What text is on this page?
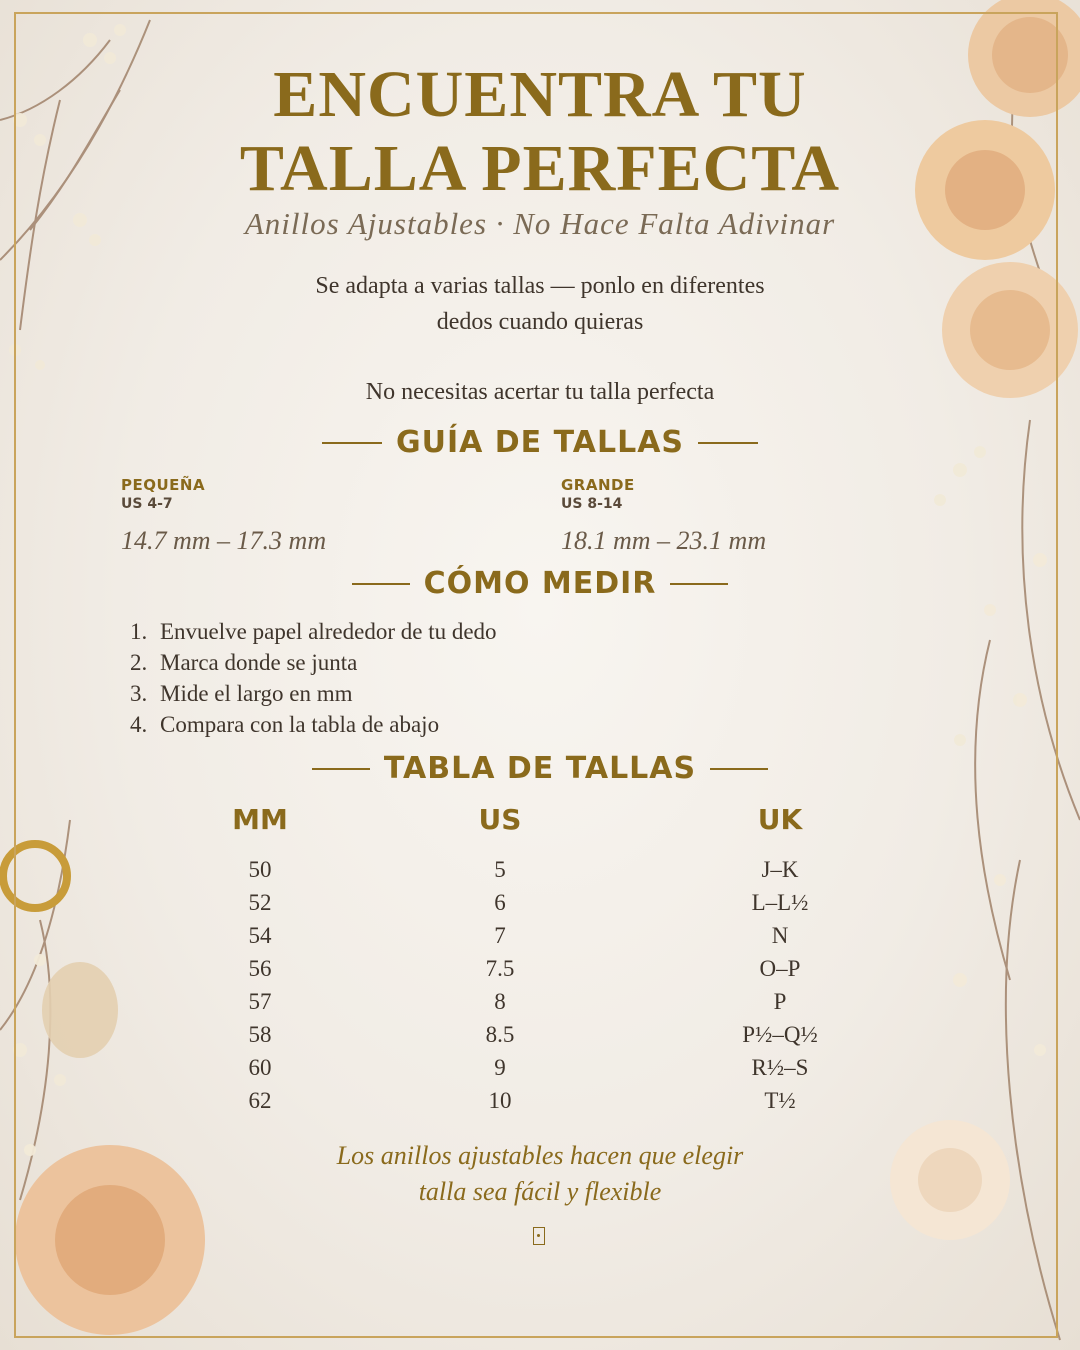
ENCUENTRA TU
TALLA PERFECTA
Anillos Ajustables · No Hace Falta Adivinar
Se adapta a varias tallas — ponlo en diferentes
dedos cuando quieras
No necesitas acertar tu talla perfecta
GUÍA DE TALLAS
PEQUEÑA
US 4-7
14.7 mm – 17.3 mm
GRANDE
US 8-14
18.1 mm – 23.1 mm
CÓMO MEDIR
1. Envuelve papel alrededor de tu dedo
2. Marca donde se junta
3. Mide el largo en mm
4. Compara con la tabla de abajo
TABLA DE TALLAS
MM	US	UK
50	5	J–K
52	6	L–L½
54	7	N
56	7.5	O–P
57	8	P
58	8.5	P½–Q½
60	9	R½–S
62	10	T½
Los anillos ajustables hacen que elegir
talla sea fácil y flexible
